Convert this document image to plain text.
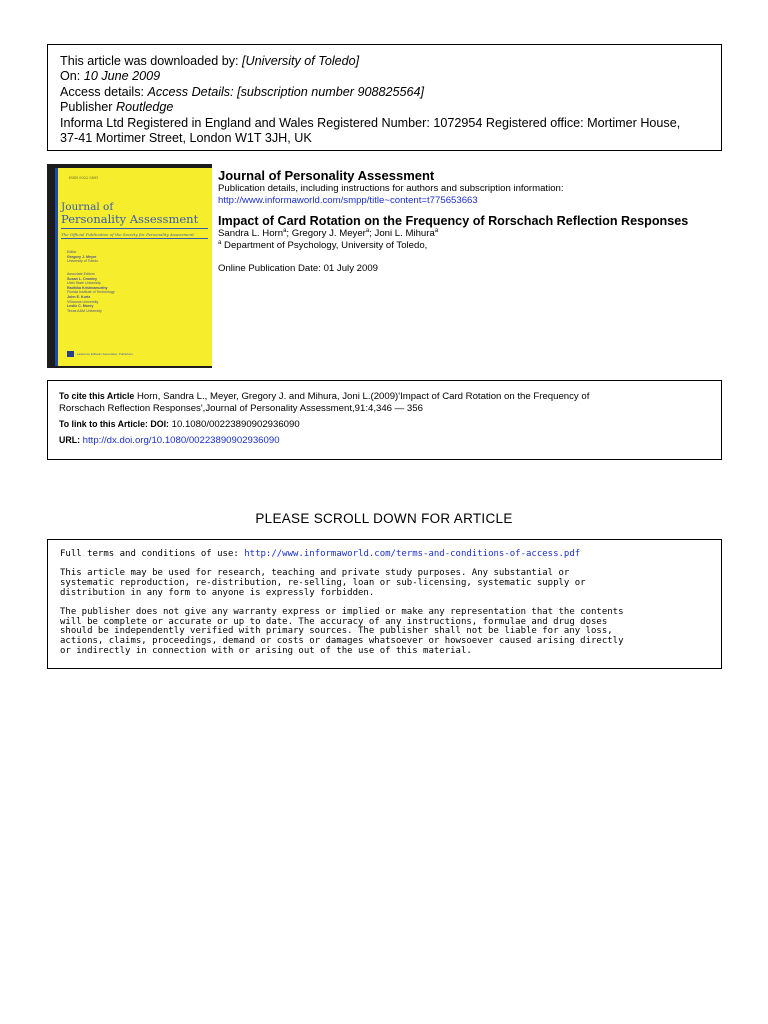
This article was downloaded by: [University of Toledo]
On: 10 June 2009
Access details: Access Details: [subscription number 908825564]
Publisher Routledge
Informa Ltd Registered in England and Wales Registered Number: 1072954 Registered office: Mortimer House,
37-41 Mortimer Street, London W1T 3JH, UK
ISSN 0022-3891
Journal of
Personality Assessment
The Official Publication of the Society for Personality Assessment
Editor
Gregory J. Meyer
University of Toledo
Associate Editors
Susan L. Crowley
Utah State University
Radhika Krishnamurthy
Florida Institute of Technology
John E. Kurtz
Villanova University
Leslie C. Morey
Texas A&M University
Lawrence Erlbaum Associates, Publishers
Journal of Personality Assessment
Publication details, including instructions for authors and subscription information:
http://www.informaworld.com/smpp/title~content=t775653663
Impact of Card Rotation on the Frequency of Rorschach Reflection Responses
Sandra L. Horn$^a$; Gregory J. Meyer$^a$; Joni L. Mihura$^a$
$^a$ Department of Psychology, University of Toledo,
Online Publication Date: 01 July 2009
To cite this Article Horn, Sandra L., Meyer, Gregory J. and Mihura, Joni L.(2009)'Impact of Card Rotation on the Frequency of
Rorschach Reflection Responses',Journal of Personality Assessment,91:4,346 — 356
To link to this Article: DOI: 10.1080/00223890902936090
URL: http://dx.doi.org/10.1080/00223890902936090
PLEASE SCROLL DOWN FOR ARTICLE

Full terms and conditions of use: http://www.informaworld.com/terms-and-conditions-of-access.pdf

This article may be used for research, teaching and private study purposes. Any substantial or
systematic reproduction, re-distribution, re-selling, loan or sub-licensing, systematic supply or
distribution in any form to anyone is expressly forbidden.

The publisher does not give any warranty express or implied or make any representation that the contents
will be complete or accurate or up to date. The accuracy of any instructions, formulae and drug doses
should be independently verified with primary sources. The publisher shall not be liable for any loss,
actions, claims, proceedings, demand or costs or damages whatsoever or howsoever caused arising directly
or indirectly in connection with or arising out of the use of this material.
